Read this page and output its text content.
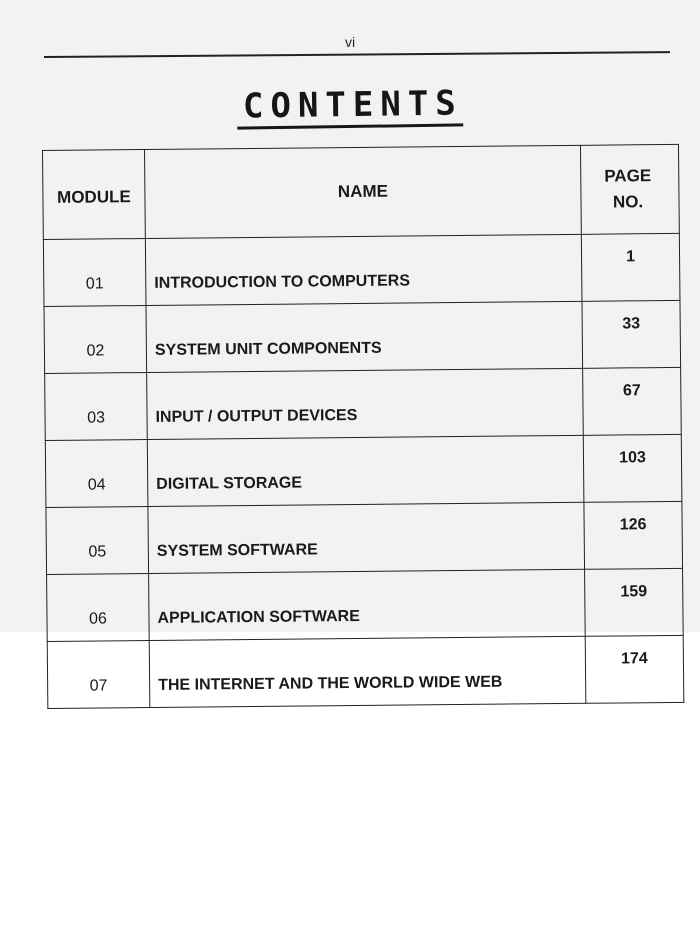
vi
CONTENTS
MODULE	NAME	PAGE
NO.
01	INTRODUCTION TO COMPUTERS	1
02	SYSTEM UNIT COMPONENTS	33
03	INPUT / OUTPUT DEVICES	67
04	DIGITAL STORAGE	103
05	SYSTEM SOFTWARE	126
06	APPLICATION SOFTWARE	159
07	THE INTERNET AND THE WORLD WIDE WEB	174
